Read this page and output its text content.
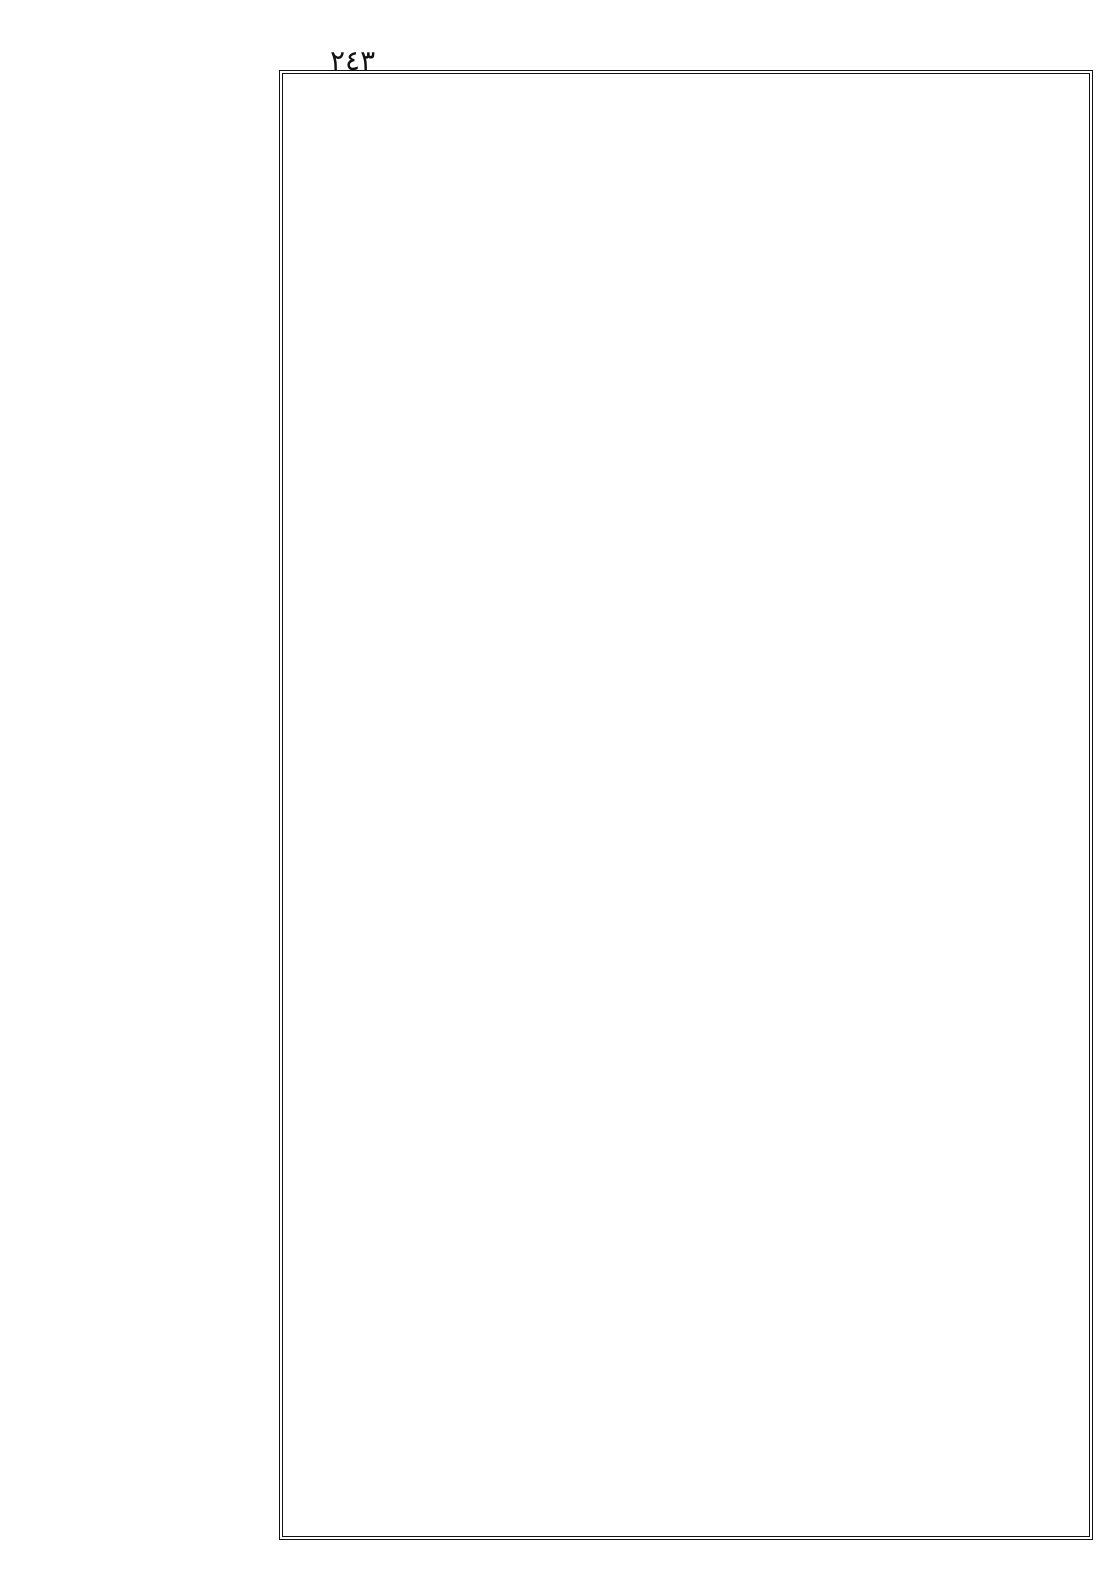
٢٤٣
